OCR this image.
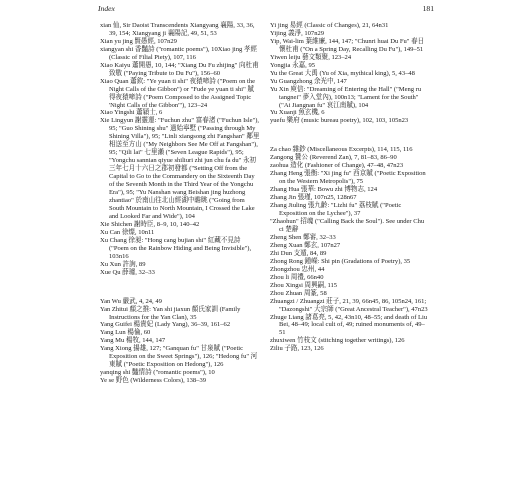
Index	181

xian 仙, Sir Daoist Transcendents Xiangyang 襄陽, 33, 36, 39, 154; Xiangyang ji 襄陽記, 49, 51, 53

Xian yu jing 賢愚經, 107n29

xiangyan shi 香豔詩 ("romantic poems"), 10Xiao jing 孝經 (Classic of Filial Piety), 107, 116

Xiao Kaiyu 蕭開愚, 10, 144; "Xiang Du Fu zhijing" 向杜甫致敬 ("Paying Tribute to Du Fu"), 156–60

Xiao Quan 蕭欽: "Ye yuan ti shi" 夜猿啼詩 ("Poem on the Night Calls of the Gibbon") or "Fude ye yuan ti shi" 賦得夜猿啼詩 ("Poem Composed to the Assigned Topic 'Night Calls of the Gibbon'"), 123–24

Xiao Yingshi 蕭穎士, 6

Xie Lingyun 謝靈運: "Fuchun zhu" 富春渚 ("Fuchun Isle"), 95; "Guo Shining shu" 過始寧墅 ("Passing through My Shining Villa"), 95; "Linli xiangsong zhi Fangshan" 鄰里相送至方山 ("My Neighbors See Me Off at Fangshan"), 95; "Qili lai" 七里瀨 ("Seven League Rapids"), 95; "Yongchu sannian qiyue shiliuri zhi jun chu fa du" 永初三年七月十六日之郡初發都 ("Setting Off from the Capital to Go to the Commandery on the Sixteenth Day of the Seventh Month in the Third Year of the Yongchu Era"), 95; "Yu Nanshan wang Beishan jing huzhong zhantiao" 於南山往北山經湖中瞻眺 ("Going from South Mountain to North Mountain, I Crossed the Lake and Looked Far and Wide"), 104

Xie Shichen 謝時臣, 8–9, 10, 140–42

Xu Can 徐燦, 10n11

Xu Chang 徐昶: "Hong cang bujian shi" 紅藏不見詩 ("Poem on the Rainbow Hiding and Being Invisible"), 103n16

Xu Xun 許詢, 89

Xue Qu 薛璩, 32–33

Yan Wu 嚴武, 4, 24, 49

Yan Zhitui 顏之推: Yan shi jiaxun 顏氏家訓 (Family Instructions for the Yan Clan), 35

Yang Guifei 楊貴妃 (Lady Yang), 36–39, 161–62

Yang Lun 楊倫, 60

Yang Mu 楊牧, 144, 147

Yang Xiong 揚雄, 127; "Ganquan fu" 甘泉賦 ("Poetic Exposition on the Sweet Springs"), 126; "Hedong fu" 河東賦 ("Poetic Exposition on Hedong"), 126

yanqing shi 豔情詩 ("romantic poems"), 10

Ye se 野色 (Wilderness Colors), 138–39

Yi jing 易經 (Classic of Changes), 21, 64n31

Yijing 義淨, 107n29

Yip, Wai-lim 葉維廉, 144, 147; "Chunri huai Du Fu" 春日懷杜甫 ("On a Spring Day, Recalling Du Fu"), 149–51

Yiwen leiju 藝文類聚, 123–24

Yongjia 永嘉, 95

Yu the Great 大禹 (Yu of Xia, mythical king), 5, 43–48

Yu Guangzhong 余光中, 147

Yu Xin 庾信: "Dreaming of Entering the Hall" ("Meng ru tangnei" 夢入堂內), 100n13; "Lament for the South" ("Ai Jiangnan fu" 哀江南賦), 104

Yu Xuanji 魚玄機, 6

yuefu 樂府 (music bureau poetry), 102, 103, 105n23

Za chao 雜鈔 (Miscellaneous Excerpts), 114, 115, 116

Zangong 贊公 (Reverend Zan), 7, 81–83, 86–90

zaohua 造化 (Fashioner of Change), 47–48, 47n23

Zhang Heng 張衡: "Xi jing fu" 西京賦 ("Poetic Exposition on the Western Metropolis"), 75

Zhang Hua 張華: Bowu zhi 博物志, 124

Zhang Jin 張瑾, 107n25, 128n67

Zhang Jiuling 張九齡: "Lizhi fu" 荔枝賦 ("Poetic Exposition on the Lychee"), 37

"Zhaohun" 招魂 ("Calling Back the Soul"). See under Chu ci 楚辭

Zheng Shen 鄭審, 32–33

Zheng Xuan 鄭玄, 107n27

Zhi Dun 支遁, 84, 89

Zhong Rong 鍾嶸: Shi pin (Gradations of Poetry), 35

Zhongzhou 忠州, 44

Zhou li 周禮, 66n40

Zhou Xingsi 周興嗣, 115

Zhou Zhuan 周篆, 58

Zhuangzi / Zhuangzi 莊子, 21, 39, 66n45, 86, 105n24, 161; "Dazongshi" 大宗師 ("Great Ancestral Teacher"), 47n23

Zhuge Liang 諸葛亮, 5, 42, 43n10, 48–55; and death of Liu Bei, 48–49; local cult of, 49; ruined monuments of, 49–51

zhuxiwen 竹枝文 (stitching together writings), 126

Ziliu 子路, 123, 126
